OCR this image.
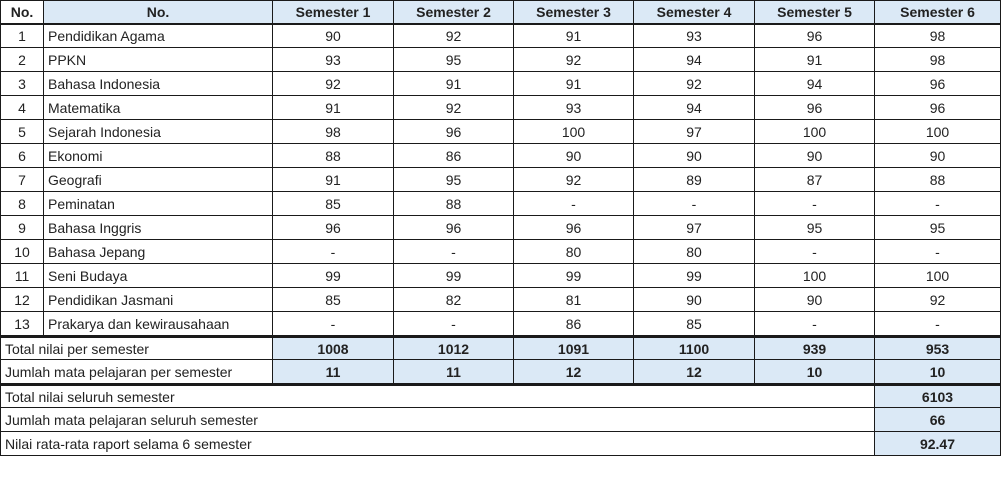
No.	No.	Semester 1	Semester 2	Semester 3	Semester 4	Semester 5	Semester 6
1	Pendidikan Agama	90	92	91	93	96	98
2	PPKN	93	95	92	94	91	98
3	Bahasa Indonesia	92	91	91	92	94	96
4	Matematika	91	92	93	94	96	96
5	Sejarah Indonesia	98	96	100	97	100	100
6	Ekonomi	88	86	90	90	90	90
7	Geografi	91	95	92	89	87	88
8	Peminatan	85	88	-	-	-	-
9	Bahasa Inggris	96	96	96	97	95	95
10	Bahasa Jepang	-	-	80	80	-	-
11	Seni Budaya	99	99	99	99	100	100
12	Pendidikan Jasmani	85	82	81	90	90	92
13	Prakarya dan kewirausahaan	-	-	86	85	-	-
Total nilai per semester		1008	1012	1091	1100	939	953
Jumlah mata pelajaran per semester		11	11	12	12	10	10
Total nilai seluruh semester							6103
Jumlah mata pelajaran seluruh semester							66
Nilai rata-rata raport selama 6 semester							92.47
